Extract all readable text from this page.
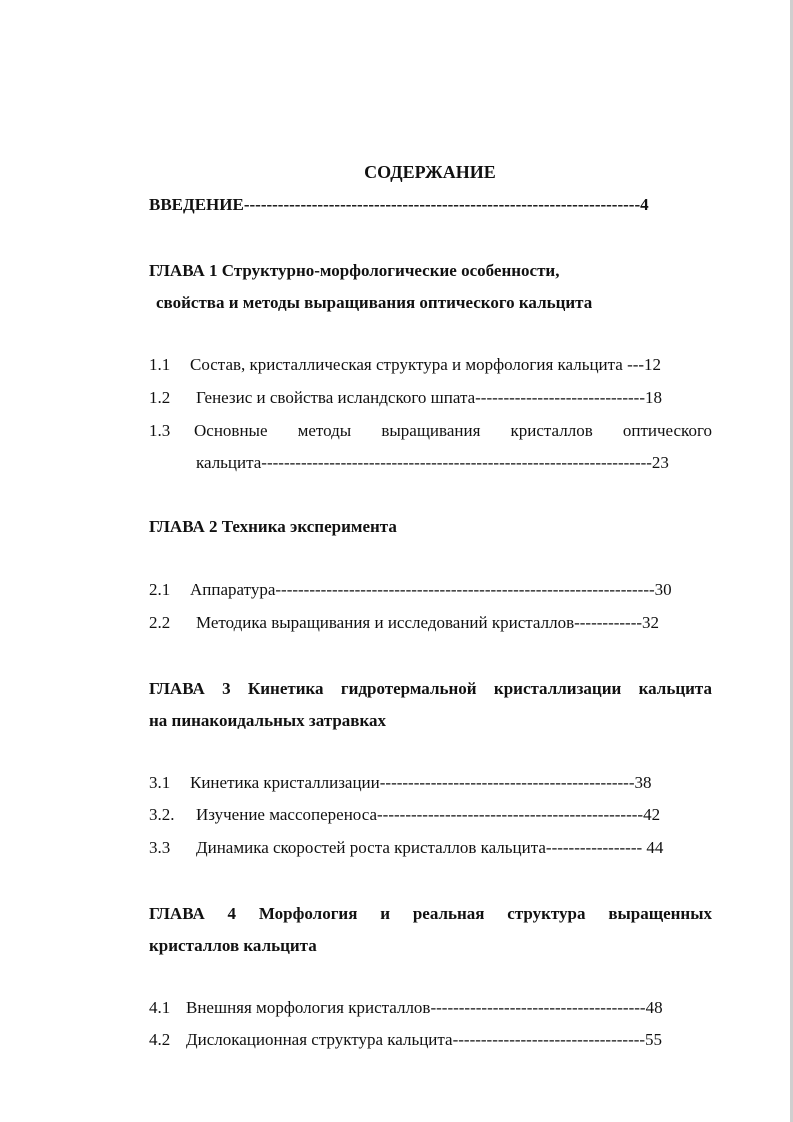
СОДЕРЖАНИЕ
ВВЕДЕНИЕ----------------------------------------------------------------------4
ГЛАВА 1 Структурно-морфологические особенности,
свойства и методы выращивания оптического кальцита
1.1 Состав, кристаллическая структура и морфология кальцита ---12
1.2 Генезис и свойства исландского шпата------------------------------18
1.3 Основные методы выращивания кристаллов оптического
кальцита---------------------------------------------------------------------23
ГЛАВА 2 Техника эксперимента
2.1 Аппаратура-------------------------------------------------------------------30
2.2 Методика выращивания и исследований кристаллов------------32
ГЛАВА 3 Кинетика гидротермальной кристаллизации кальцита
на пинакоидальных затравках
3.1 Кинетика кристаллизации---------------------------------------------38
3.2. Изучение массопереноса-----------------------------------------------42
3.3 Динамика скоростей роста кристаллов кальцита----------------- 44
ГЛАВА 4 Морфология и реальная структура выращенных
кристаллов кальцита
4.1 Внешняя морфология кристаллов--------------------------------------48
4.2 Дислокационная структура кальцита----------------------------------55
